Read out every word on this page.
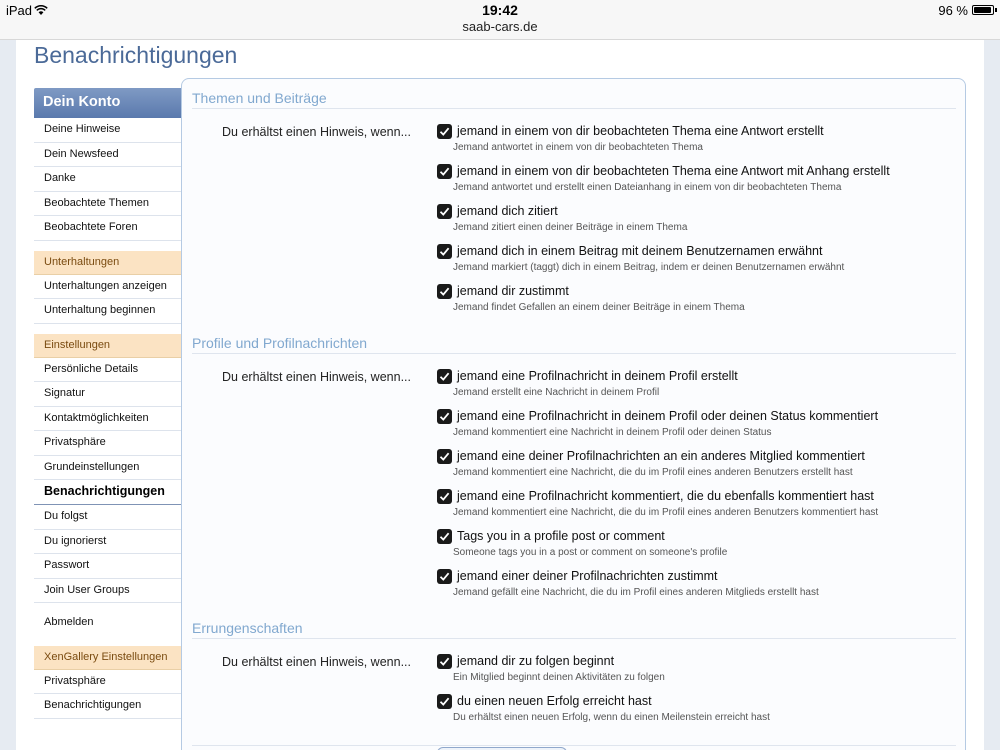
iPad	19:42	96 %
saab-cars.de
Benachrichtigungen
Dein Konto
Deine Hinweise
Dein Newsfeed
Danke
Beobachtete Themen
Beobachtete Foren
Unterhaltungen
Unterhaltungen anzeigen
Unterhaltung beginnen
Einstellungen
Persönliche Details
Signatur
Kontaktmöglichkeiten
Privatsphäre
Grundeinstellungen
Benachrichtigungen
Du folgst
Du ignorierst
Passwort
Join User Groups
Abmelden
XenGallery Einstellungen
Privatsphäre
Benachrichtigungen
Themen und Beiträge
Du erhältst einen Hinweis, wenn...	jemand in einem von dir beobachteten Thema eine Antwort erstellt
Jemand antwortet in einem von dir beobachteten Thema
jemand in einem von dir beobachteten Thema eine Antwort mit Anhang erstellt
Jemand antwortet und erstellt einen Dateianhang in einem von dir beobachteten Thema
jemand dich zitiert
Jemand zitiert einen deiner Beiträge in einem Thema
jemand dich in einem Beitrag mit deinem Benutzernamen erwähnt
Jemand markiert (taggt) dich in einem Beitrag, indem er deinen Benutzernamen erwähnt
jemand dir zustimmt
Jemand findet Gefallen an einem deiner Beiträge in einem Thema
Profile und Profilnachrichten
Du erhältst einen Hinweis, wenn...	jemand eine Profilnachricht in deinem Profil erstellt
Jemand erstellt eine Nachricht in deinem Profil
jemand eine Profilnachricht in deinem Profil oder deinen Status kommentiert
Jemand kommentiert eine Nachricht in deinem Profil oder deinen Status
jemand eine deiner Profilnachrichten an ein anderes Mitglied kommentiert
Jemand kommentiert eine Nachricht, die du im Profil eines anderen Benutzers erstellt hast
jemand eine Profilnachricht kommentiert, die du ebenfalls kommentiert hast
Jemand kommentiert eine Nachricht, die du im Profil eines anderen Benutzers kommentiert hast
Tags you in a profile post or comment
Someone tags you in a post or comment on someone's profile
jemand einer deiner Profilnachrichten zustimmt
Jemand gefällt eine Nachricht, die du im Profil eines anderen Mitglieds erstellt hast
Errungenschaften
Du erhältst einen Hinweis, wenn...	jemand dir zu folgen beginnt
Ein Mitglied beginnt deinen Aktivitäten zu folgen
du einen neuen Erfolg erreicht hast
Du erhältst einen neuen Erfolg, wenn du einen Meilenstein erreicht hast
